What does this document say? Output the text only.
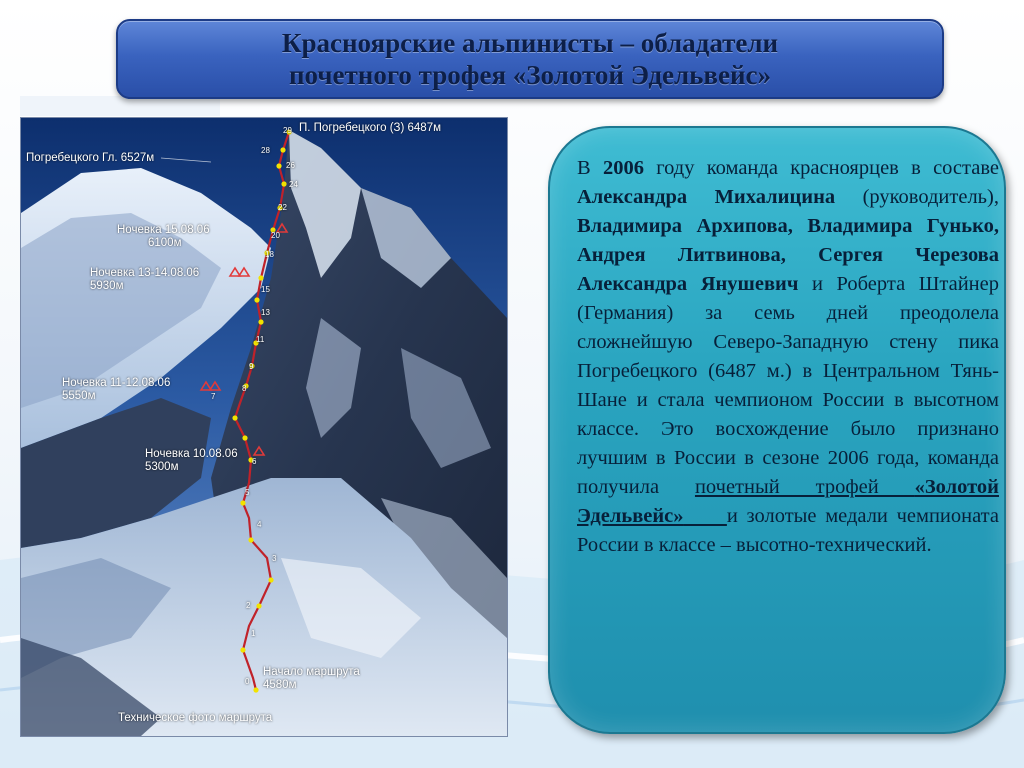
Красноярские альпинисты – обладатели
почетного трофея «Золотой Эдельвейс»
П. Погребецкого (З) 6487м
Погребецкого Гл. 6527м
Ночевка 15.08.06
6100м
Ночевка 13-14.08.06
5930м
Ночевка 11-12.08.06
5550м
Ночевка 10.08.06
5300м
Начало маршрута
4580м
Техническое фото маршрута
29
28
26
24
22
20
18
15
13
11
9
8
7
6
5
4
3
2
1
0
В 2006 году команда красноярцев в составе Александра Михалицина (руководитель), Владимира Архипова, Владимира Гунько, Андрея Литвинова, Сергея Черезова Александра Янушевич и Роберта Штайнер (Германия) за семь дней преодолела сложнейшую Северо-Западную стену пика Погребецкого (6487 м.) в Центральном Тянь-Шане и стала чемпионом России в высотном классе. Это восхождение было признано лучшим в России в сезоне 2006 года, команда получила почетный трофей «Золотой Эдельвейс» и золотые медали чемпионата России в классе – высотно-технический.
